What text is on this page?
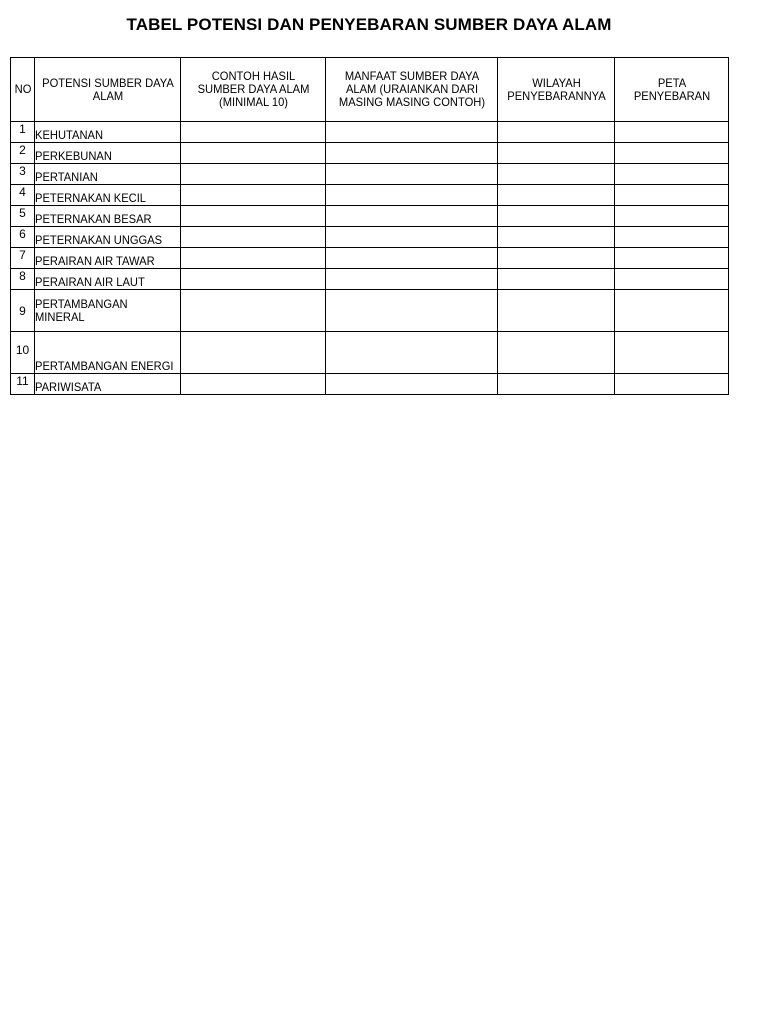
TABEL POTENSI DAN PENYEBARAN SUMBER DAYA ALAM
NO	POTENSI SUMBER DAYA ALAM	CONTOH HASIL SUMBER DAYA ALAM (MINIMAL 10)	MANFAAT SUMBER DAYA ALAM (URAIANKAN DARI MASING MASING CONTOH)	WILAYAH PENYEBARANNYA	PETA PENYEBARAN
1	KEHUTANAN				
2	PERKEBUNAN				
3	PERTANIAN				
4	PETERNAKAN KECIL				
5	PETERNAKAN BESAR				
6	PETERNAKAN UNGGAS				
7	PERAIRAN AIR TAWAR				
8	PERAIRAN AIR LAUT				
9	PERTAMBANGAN MINERAL				
10	PERTAMBANGAN ENERGI				
11	PARIWISATA				
